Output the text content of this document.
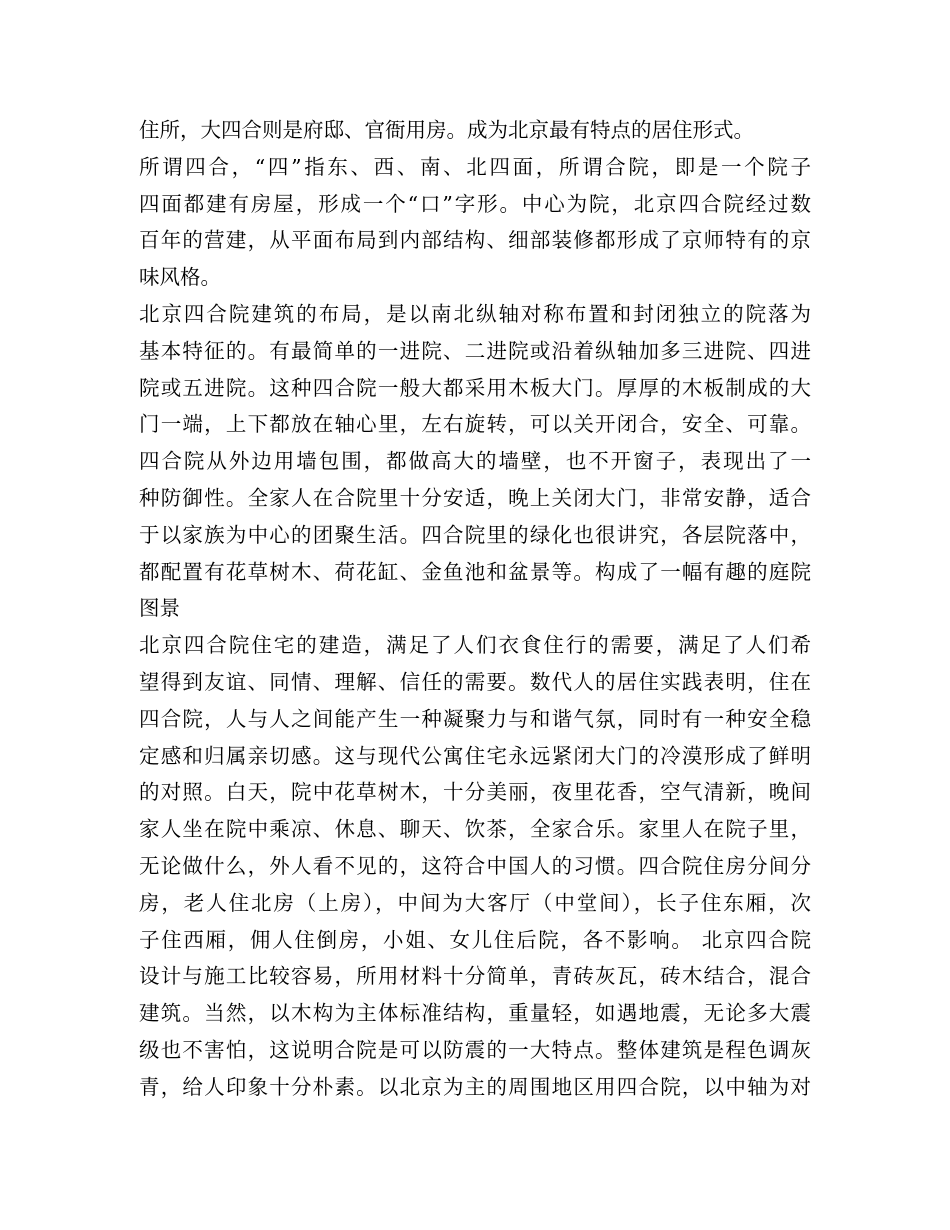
住所，大四合则是府邸、官衙用房。成为北京最有特点的居住形式。
所谓四合，“四”指东、西、南、北四面，所谓合院，即是一个院子
四面都建有房屋，形成一个“口”字形。中心为院，北京四合院经过数
百年的营建，从平面布局到内部结构、细部装修都形成了京师特有的京
味风格。
北京四合院建筑的布局，是以南北纵轴对称布置和封闭独立的院落为
基本特征的。有最简单的一进院、二进院或沿着纵轴加多三进院、四进
院或五进院。这种四合院一般大都采用木板大门。厚厚的木板制成的大
门一端，上下都放在轴心里，左右旋转，可以关开闭合，安全、可靠。
四合院从外边用墙包围，都做高大的墙壁，也不开窗子，表现出了一
种防御性。全家人在合院里十分安适，晚上关闭大门，非常安静，适合
于以家族为中心的团聚生活。四合院里的绿化也很讲究，各层院落中，
都配置有花草树木、荷花缸、金鱼池和盆景等。构成了一幅有趣的庭院
图景
北京四合院住宅的建造，满足了人们衣食住行的需要，满足了人们希
望得到友谊、同情、理解、信任的需要。数代人的居住实践表明，住在
四合院，人与人之间能产生一种凝聚力与和谐气氛，同时有一种安全稳
定感和归属亲切感。这与现代公寓住宅永远紧闭大门的冷漠形成了鲜明
的对照。白天，院中花草树木，十分美丽，夜里花香，空气清新，晚间
家人坐在院中乘凉、休息、聊天、饮茶，全家合乐。家里人在院子里，
无论做什么，外人看不见的，这符合中国人的习惯。四合院住房分间分
房，老人住北房（上房），中间为大客厅（中堂间），长子住东厢，次
子住西厢，佣人住倒房，小姐、女儿住后院，各不影响。 北京四合院
设计与施工比较容易，所用材料十分简单，青砖灰瓦，砖木结合，混合
建筑。当然，以木构为主体标准结构，重量轻，如遇地震，无论多大震
级也不害怕，这说明合院是可以防震的一大特点。整体建筑是程色调灰
青，给人印象十分朴素。以北京为主的周围地区用四合院，以中轴为对
